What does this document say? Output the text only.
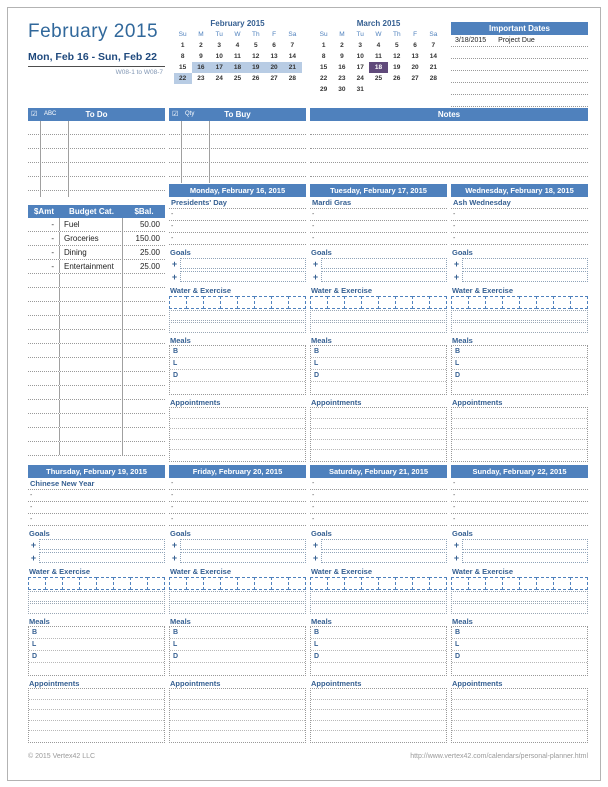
February 2015
Mon, Feb 16 - Sun, Feb 22
W08-1 to W08-7
February 2015
Su	M	Tu	W	Th	F	Sa
1	2	3	4	5	6	7
8	9	10	11	12	13	14
15	16	17	18	19	20	21
22	23	24	25	26	27	28
March 2015
Su	M	Tu	W	Th	F	Sa
1	2	3	4	5	6	7
8	9	10	11	12	13	14
15	16	17	18	19	20	21
22	23	24	25	26	27	28
29	30	31
Important Dates
3/18/2015 Project Due
☑ ABC	To Do	☑ Qty	To Buy	Notes
$Amt	Budget Cat.	$Bal.
-	Fuel	50.00
-	Groceries	150.00
-	Dining	25.00
-	Entertainment	25.00
Monday, February 16, 2015
Presidents' Day
-
-
-
Goals
+
+
Water & Exercise
Meals
B
L
D
Appointments
Tuesday, February 17, 2015
Mardi Gras
-
-
-
Goals
+
+
Water & Exercise
Meals
B
L
D
Appointments
Wednesday, February 18, 2015
Ash Wednesday
-
-
-
Goals
+
+
Water & Exercise
Meals
B
L
D
Appointments
Thursday, February 19, 2015
Chinese New Year
-
-
-
Goals
+
+
Water & Exercise
Meals
B
L
D
Appointments
Friday, February 20, 2015
-
-
-
-
Goals
+
+
Water & Exercise
Meals
B
L
D
Appointments
Saturday, February 21, 2015
-
-
-
-
Goals
+
+
Water & Exercise
Meals
B
L
D
Appointments
Sunday, February 22, 2015
-
-
-
-
Goals
+
+
Water & Exercise
Meals
B
L
D
Appointments
© 2015 Vertex42 LLC	http://www.vertex42.com/calendars/personal-planner.html
